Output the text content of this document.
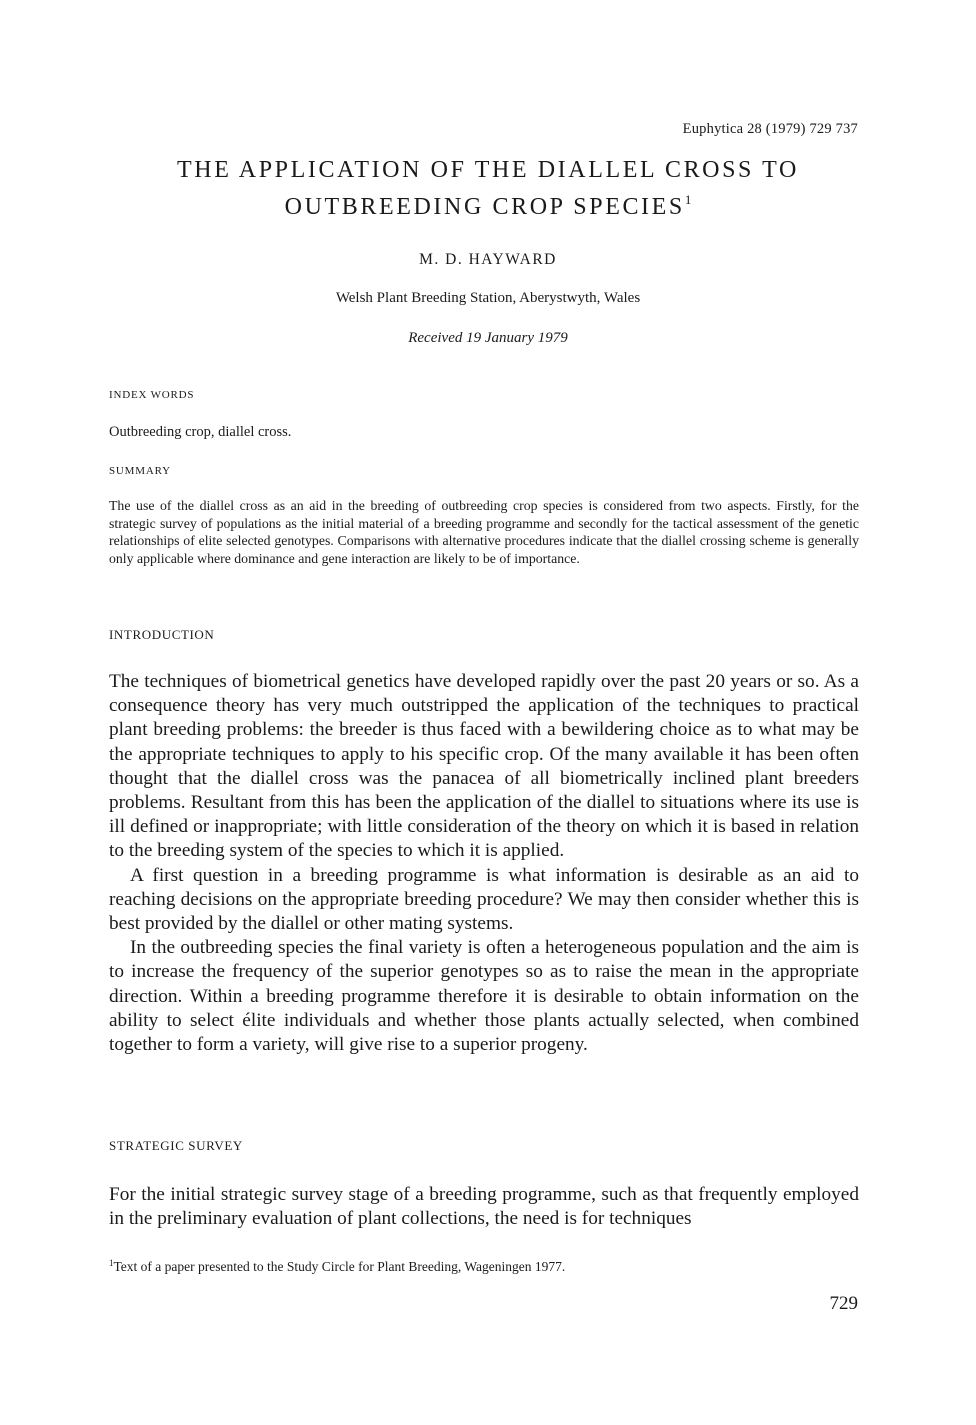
Euphytica 28 (1979) 729 737
THE APPLICATION OF THE DIALLEL CROSS TO
OUTBREEDING CROP SPECIES$^1$
M. D. HAYWARD
Welsh Plant Breeding Station, Aberystwyth, Wales
Received 19 January 1979
INDEX WORDS
Outbreeding crop, diallel cross.
SUMMARY

The use of the diallel cross as an aid in the breeding of outbreeding crop species is considered from two aspects. Firstly, for the strategic survey of populations as the initial material of a breeding programme and secondly for the tactical assessment of the genetic relationships of elite selected genotypes. Comparisons with alternative procedures indicate that the diallel crossing scheme is generally only applicable where dominance and gene interaction are likely to be of importance.

INTRODUCTION

The techniques of biometrical genetics have developed rapidly over the past 20 years or so. As a consequence theory has very much outstripped the application of the techniques to practical plant breeding problems: the breeder is thus faced with a bewildering choice as to what may be the appropriate techniques to apply to his specific crop. Of the many available it has been often thought that the diallel cross was the panacea of all biometrically inclined plant breeders problems. Resultant from this has been the application of the diallel to situations where its use is ill defined or inappropriate; with little consideration of the theory on which it is based in relation to the breeding system of the species to which it is applied.

A first question in a breeding programme is what information is desirable as an aid to reaching decisions on the appropriate breeding procedure? We may then consider whether this is best provided by the diallel or other mating systems.

In the outbreeding species the final variety is often a heterogeneous population and the aim is to increase the frequency of the superior genotypes so as to raise the mean in the appropriate direction. Within a breeding programme therefore it is desirable to obtain information on the ability to select élite individuals and whether those plants actually selected, when combined together to form a variety, will give rise to a superior progeny.

STRATEGIC SURVEY

For the initial strategic survey stage of a breeding programme, such as that frequently employed in the preliminary evaluation of plant collections, the need is for techniques

$^1$Text of a paper presented to the Study Circle for Plant Breeding, Wageningen 1977.
729
